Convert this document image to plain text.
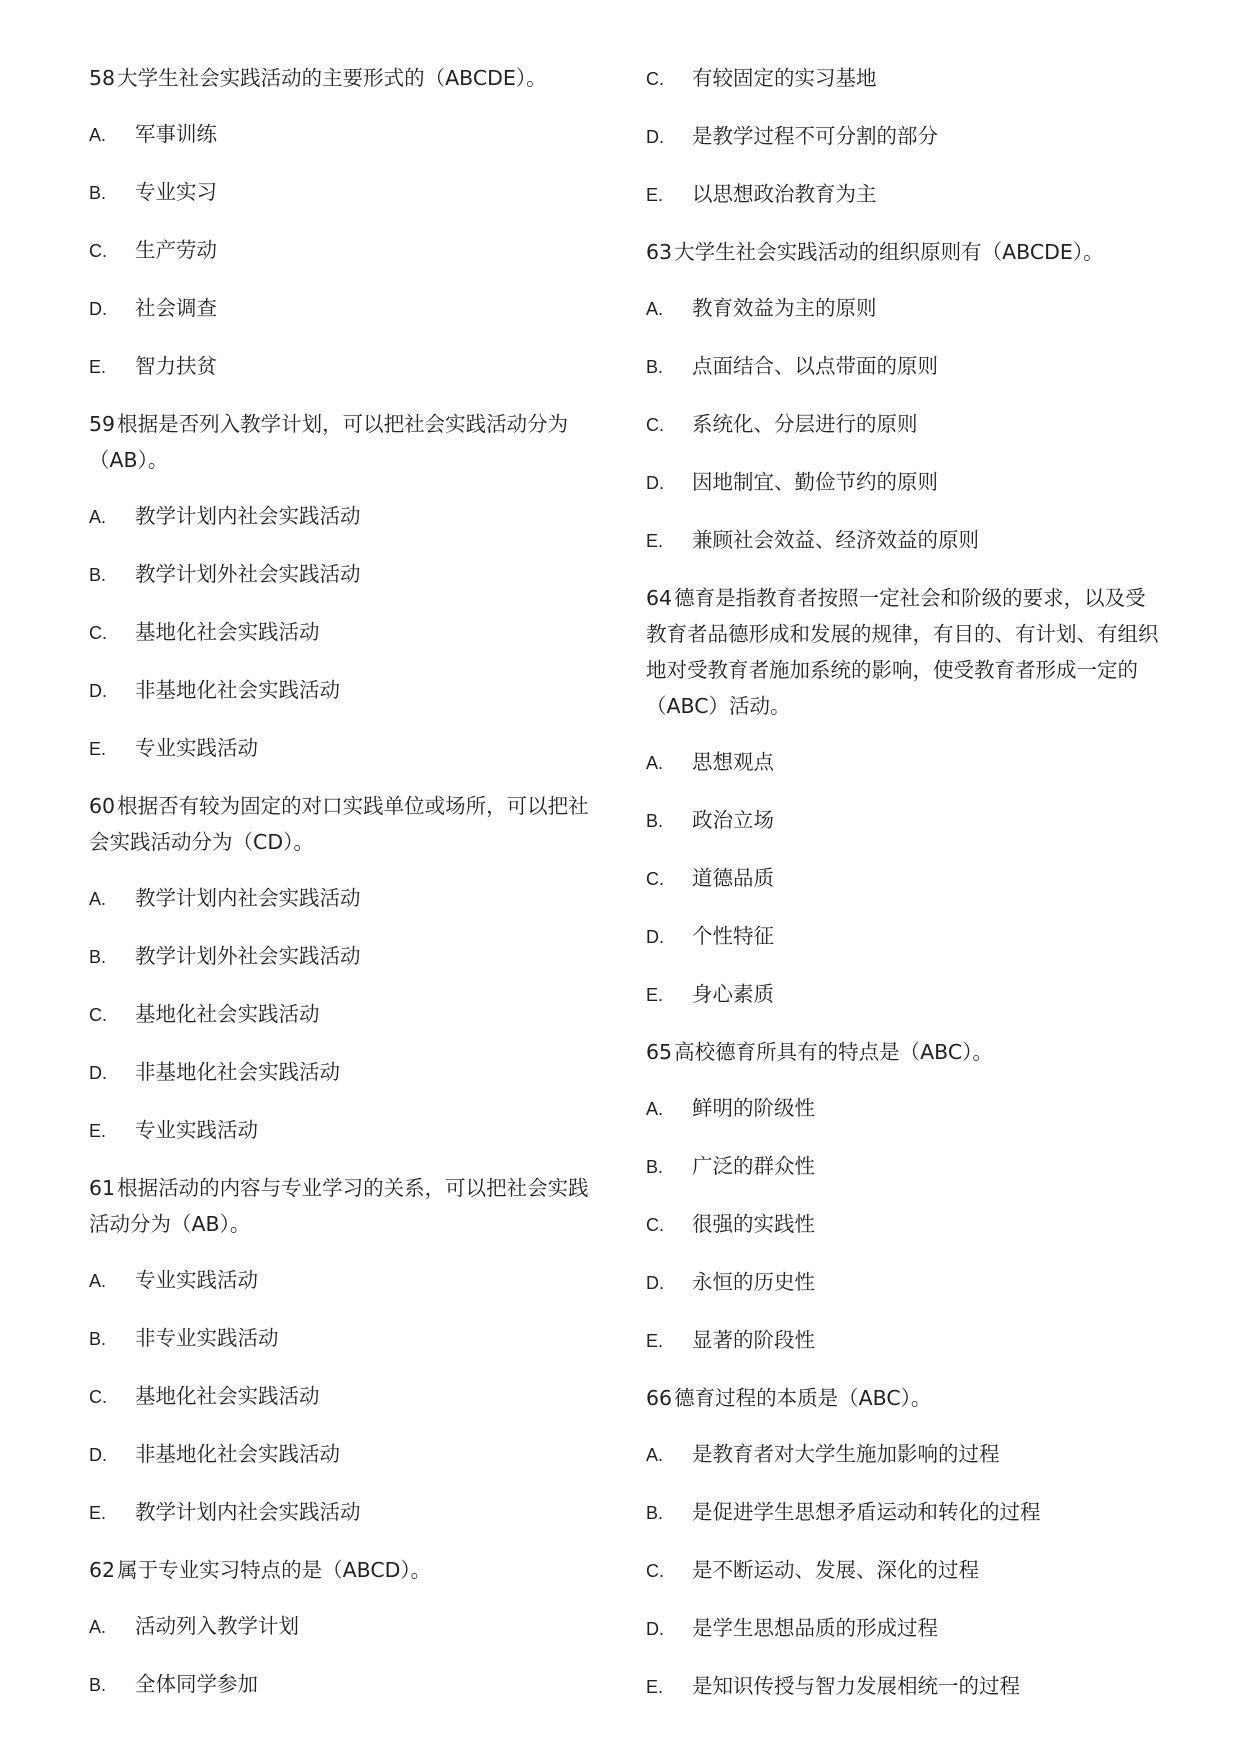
58大学生社会实践活动的主要形式的（ABCDE）。
A. 军事训练
B. 专业实习
C. 生产劳动
D. 社会调查
E. 智力扶贫
59根据是否列入教学计划，可以把社会实践活动分为（AB）。
A. 教学计划内社会实践活动
B. 教学计划外社会实践活动
C. 基地化社会实践活动
D. 非基地化社会实践活动
E. 专业实践活动
60根据否有较为固定的对口实践单位或场所，可以把社会实践活动分为（CD）。
A. 教学计划内社会实践活动
B. 教学计划外社会实践活动
C. 基地化社会实践活动
D. 非基地化社会实践活动
E. 专业实践活动
61根据活动的内容与专业学习的关系，可以把社会实践活动分为（AB）。
A. 专业实践活动
B. 非专业实践活动
C. 基地化社会实践活动
D. 非基地化社会实践活动
E. 教学计划内社会实践活动
62属于专业实习特点的是（ABCD）。
A. 活动列入教学计划
B. 全体同学参加
C. 有较固定的实习基地
D. 是教学过程不可分割的部分
E. 以思想政治教育为主
63大学生社会实践活动的组织原则有（ABCDE）。
A. 教育效益为主的原则
B. 点面结合、以点带面的原则
C. 系统化、分层进行的原则
D. 因地制宜、勤俭节约的原则
E. 兼顾社会效益、经济效益的原则
64德育是指教育者按照一定社会和阶级的要求，以及受教育者品德形成和发展的规律，有目的、有计划、有组织地对受教育者施加系统的影响，使受教育者形成一定的（ABC）活动。
A. 思想观点
B. 政治立场
C. 道德品质
D. 个性特征
E. 身心素质
65高校德育所具有的特点是（ABC）。
A. 鲜明的阶级性
B. 广泛的群众性
C. 很强的实践性
D. 永恒的历史性
E. 显著的阶段性
66德育过程的本质是（ABC）。
A. 是教育者对大学生施加影响的过程
B. 是促进学生思想矛盾运动和转化的过程
C. 是不断运动、发展、深化的过程
D. 是学生思想品质的形成过程
E. 是知识传授与智力发展相统一的过程
